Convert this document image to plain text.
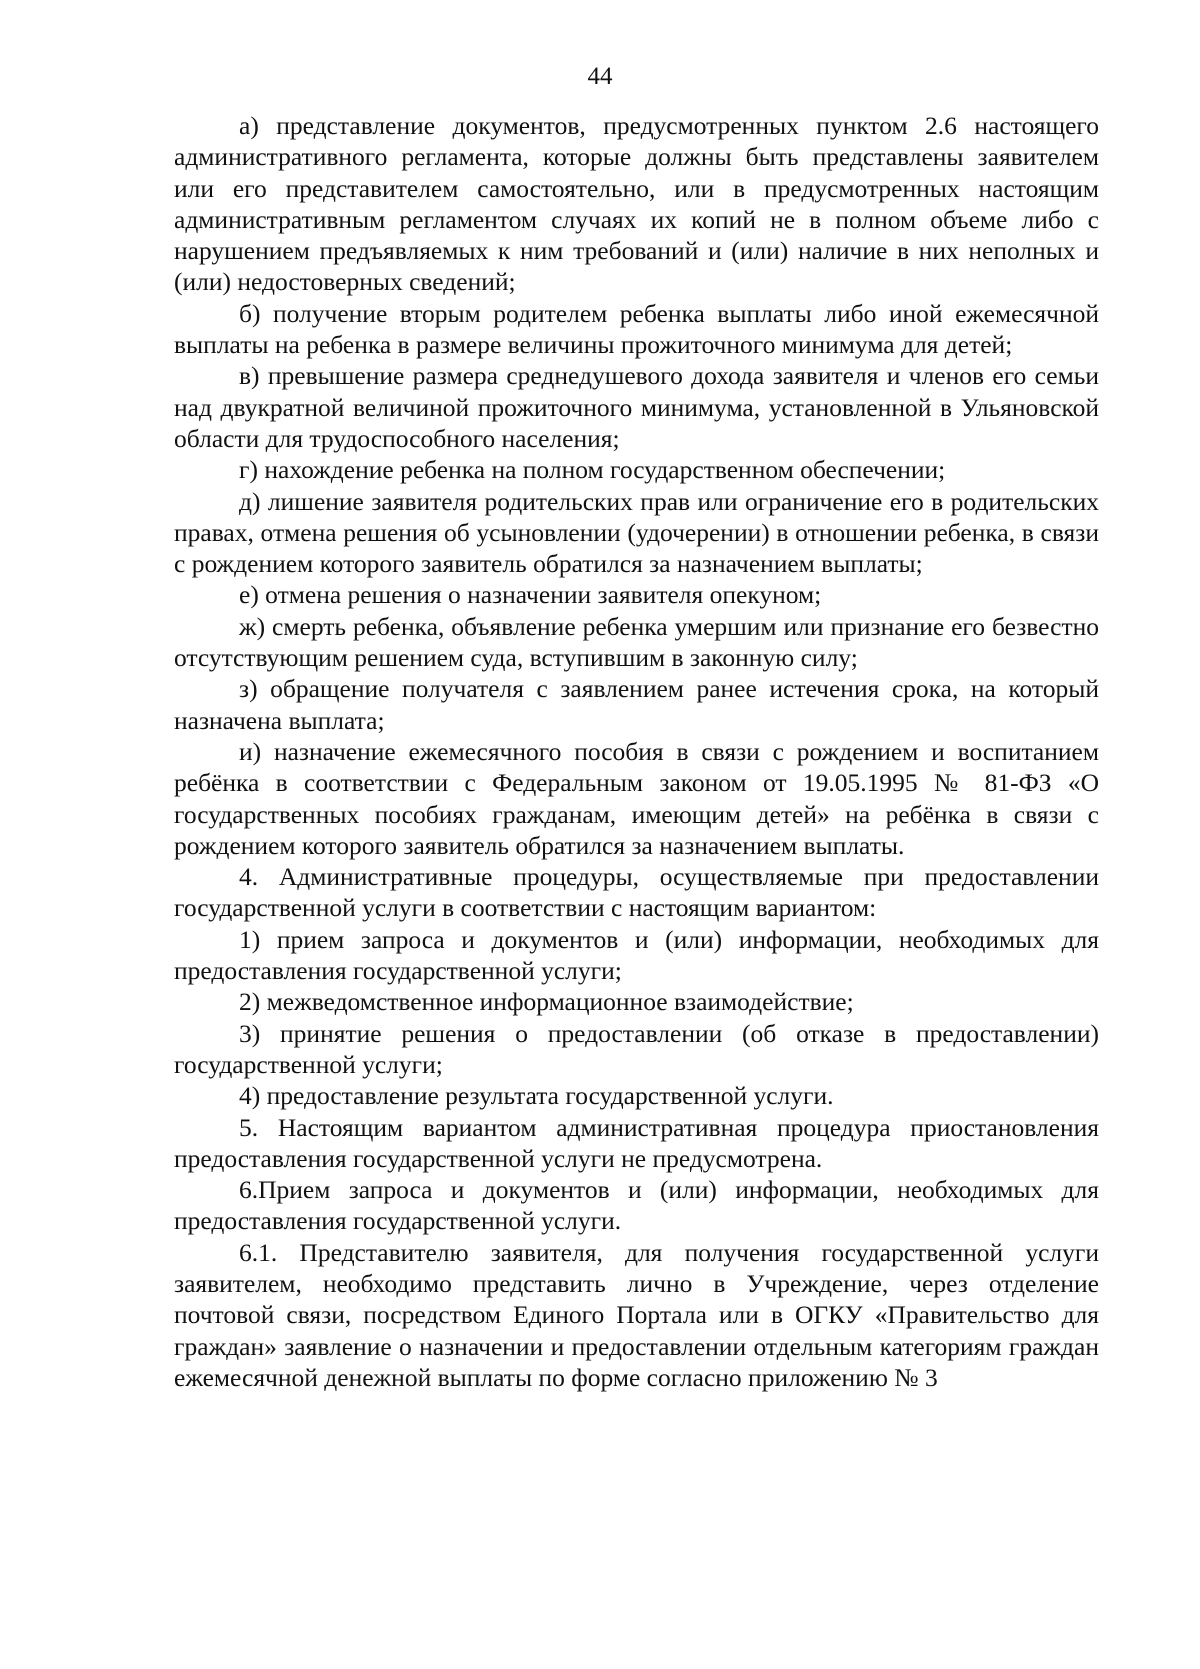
44

а) представление документов, предусмотренных пунктом 2.6 настоящего административного регламента, которые должны быть представлены заявителем или его представителем самостоятельно, или в предусмотренных настоящим административным регламентом случаях их копий не в полном объеме либо с нарушением предъявляемых к ним требований и (или) наличие в них неполных и (или) недостоверных сведений;

б) получение вторым родителем ребенка выплаты либо иной ежемесячной выплаты на ребенка в размере величины прожиточного минимума для детей;

в) превышение размера среднедушевого дохода заявителя и членов его семьи над двукратной величиной прожиточного минимума, установленной в Ульяновской области для трудоспособного населения;

г) нахождение ребенка на полном государственном обеспечении;

д) лишение заявителя родительских прав или ограничение его в родительских правах, отмена решения об усыновлении (удочерении) в отношении ребенка, в связи с рождением которого заявитель обратился за назначением выплаты;

е) отмена решения о назначении заявителя опекуном;

ж) смерть ребенка, объявление ребенка умершим или признание его безвестно отсутствующим решением суда, вступившим в законную силу;

з) обращение получателя с заявлением ранее истечения срока, на который назначена выплата;

и) назначение ежемесячного пособия в связи с рождением и воспитанием ребёнка в соответствии с Федеральным законом от 19.05.1995 № 81-ФЗ «О государственных пособиях гражданам, имеющим детей» на ребёнка в связи с рождением которого заявитель обратился за назначением выплаты.

4. Административные процедуры, осуществляемые при предоставлении государственной услуги в соответствии с настоящим вариантом:

1) прием запроса и документов и (или) информации, необходимых для предоставления государственной услуги;

2) межведомственное информационное взаимодействие;

3) принятие решения о предоставлении (об отказе в предоставлении) государственной услуги;

4) предоставление результата государственной услуги.

5. Настоящим вариантом административная процедура приостановления предоставления государственной услуги не предусмотрена.

6.Прием запроса и документов и (или) информации, необходимых для предоставления государственной услуги.

6.1. Представителю заявителя, для получения государственной услуги заявителем, необходимо представить лично в Учреждение, через отделение почтовой связи, посредством Единого Портала или в ОГКУ «Правительство для граждан» заявление о назначении и предоставлении отдельным категориям граждан ежемесячной денежной выплаты по форме согласно приложению № 3
